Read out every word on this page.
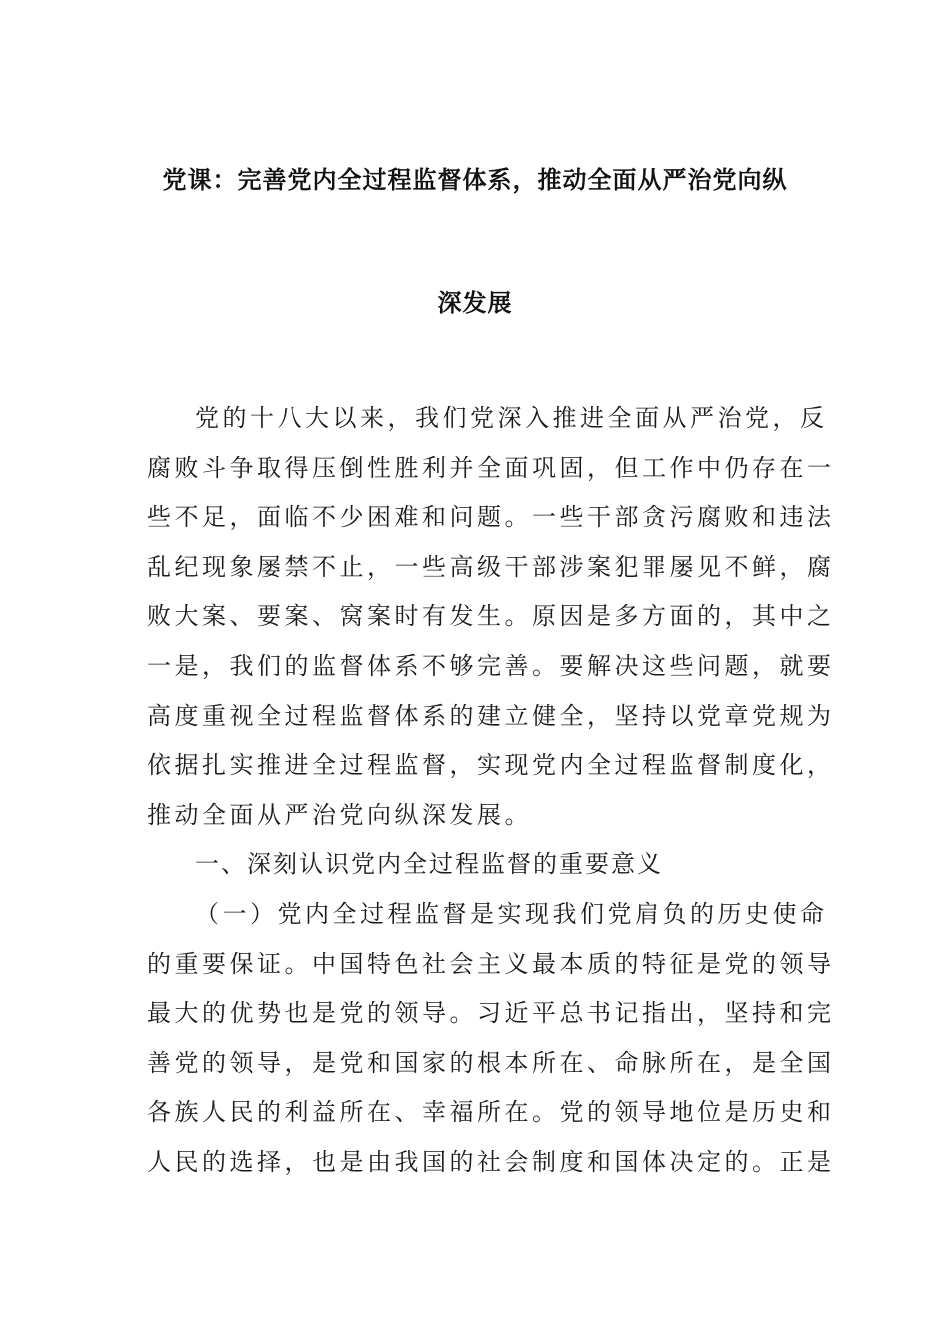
党课：完善党内全过程监督体系，推动全面从严治党向纵
深发展
党的十八大以来，我们党深入推进全面从严治党，反
腐败斗争取得压倒性胜利并全面巩固，但工作中仍存在一
些不足，面临不少困难和问题。一些干部贪污腐败和违法
乱纪现象屡禁不止，一些高级干部涉案犯罪屡见不鲜，腐
败大案、要案、窝案时有发生。原因是多方面的，其中之
一是，我们的监督体系不够完善。要解决这些问题，就要
高度重视全过程监督体系的建立健全，坚持以党章党规为
依据扎实推进全过程监督，实现党内全过程监督制度化，
推动全面从严治党向纵深发展。
一、深刻认识党内全过程监督的重要意义
（一）党内全过程监督是实现我们党肩负的历史使命
的重要保证。中国特色社会主义最本质的特征是党的领导
最大的优势也是党的领导。习近平总书记指出，坚持和完
善党的领导，是党和国家的根本所在、命脉所在，是全国
各族人民的利益所在、幸福所在。党的领导地位是历史和
人民的选择，也是由我国的社会制度和国体决定的。正是
